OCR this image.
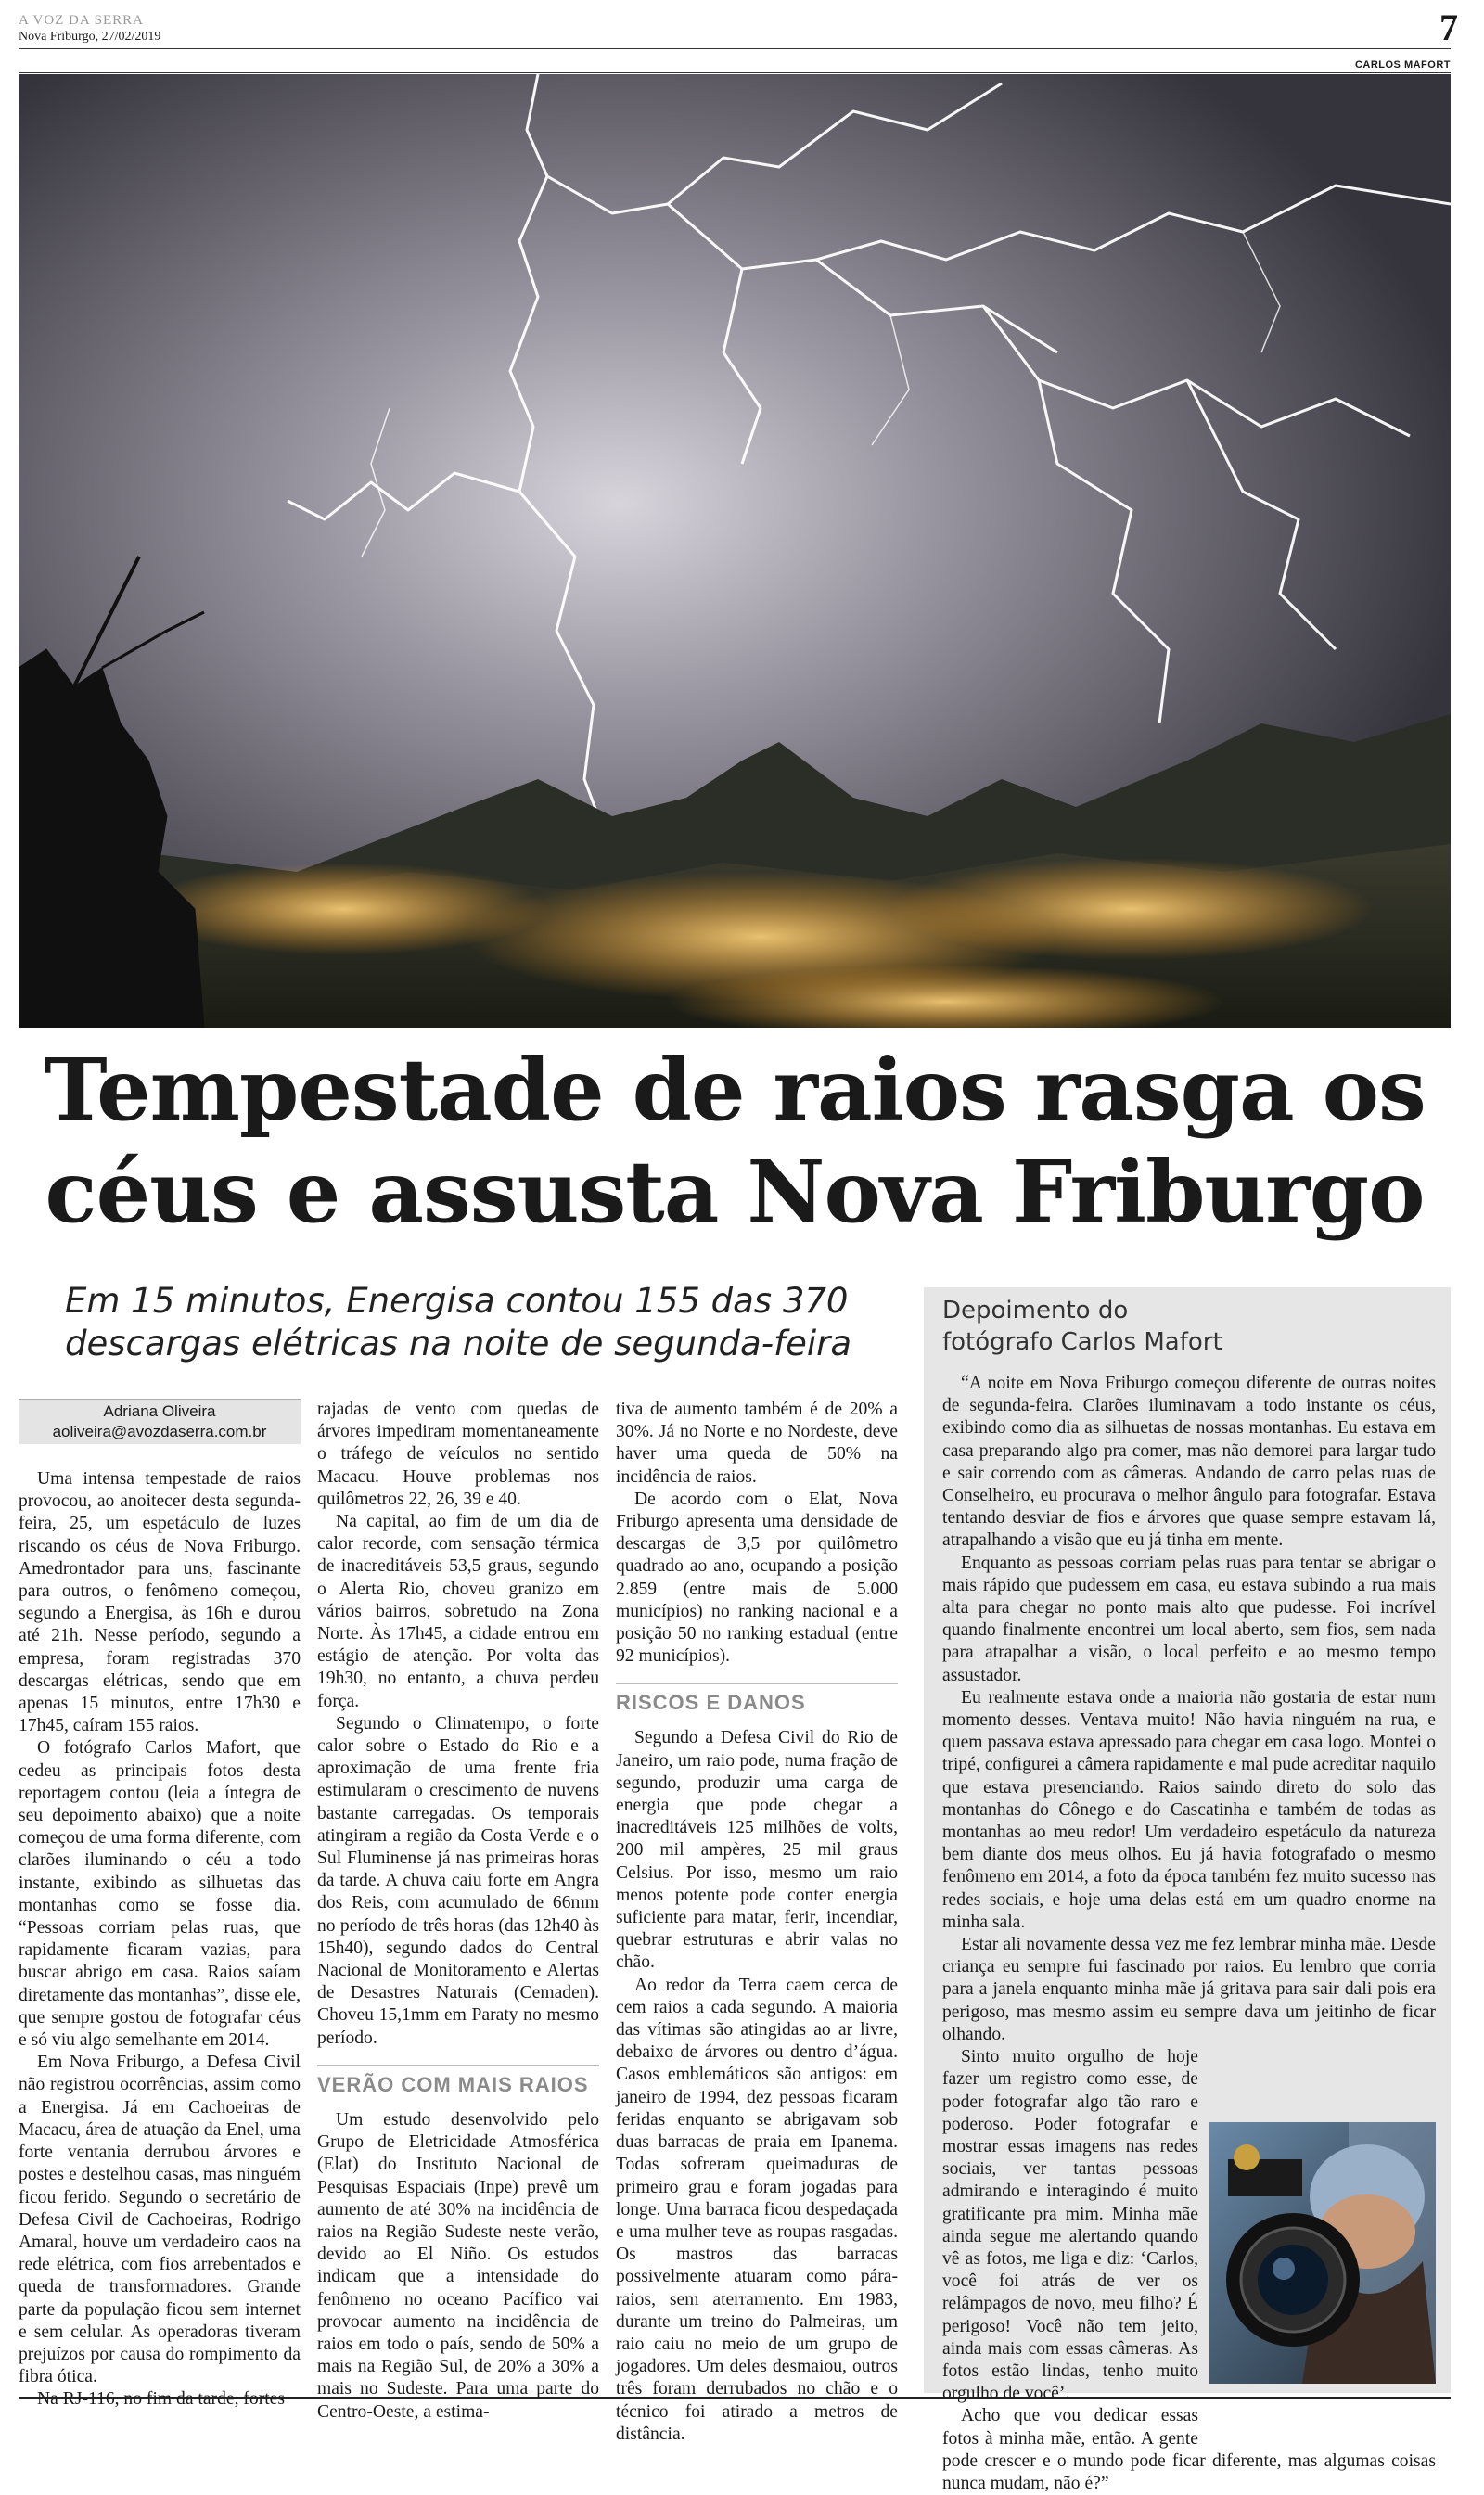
A VOZ DA SERRA
Nova Friburgo, 27/02/2019	7
CARLOS MAFORT
Tempestade de raios rasga os
céus e assusta Nova Friburgo
Em 15 minutos, Energisa contou 155 das 370
descargas elétricas na noite de segunda-feira
Adriana Oliveira
aoliveira@avozdaserra.com.br

Uma intensa tempestade de raios provocou, ao anoitecer desta segunda-feira, 25, um espetáculo de luzes riscando os céus de Nova Friburgo. Amedrontador para uns, fascinante para outros, o fenômeno começou, segundo a Energisa, às 16h e durou até 21h. Nesse período, segundo a empresa, foram registradas 370 descargas elétricas, sendo que em apenas 15 minutos, entre 17h30 e 17h45, caíram 155 raios.

O fotógrafo Carlos Mafort, que cedeu as principais fotos desta reportagem contou (leia a íntegra de seu depoimento abaixo) que a noite começou de uma forma diferente, com clarões iluminando o céu a todo instante, exibindo as silhuetas das montanhas como se fosse dia. “Pessoas corriam pelas ruas, que rapidamente ficaram vazias, para buscar abrigo em casa. Raios saíam diretamente das montanhas”, disse ele, que sempre gostou de fotografar céus e só viu algo semelhante em 2014.

Em Nova Friburgo, a Defesa Civil não registrou ocorrências, assim como a Energisa. Já em Cachoeiras de Macacu, área de atuação da Enel, uma forte ventania derrubou árvores e postes e destelhou casas, mas ninguém ficou ferido. Segundo o secretário de Defesa Civil de Cachoeiras, Rodrigo Amaral, houve um verdadeiro caos na rede elétrica, com fios arrebentados e queda de transformadores. Grande parte da população ficou sem internet e sem celular. As operadoras tiveram prejuízos por causa do rompimento da fibra ótica.

Na RJ-116, no fim da tarde, fortes

rajadas de vento com quedas de árvores impediram momentaneamente o tráfego de veículos no sentido Macacu. Houve problemas nos quilômetros 22, 26, 39 e 40.

Na capital, ao fim de um dia de calor recorde, com sensação térmica de inacreditáveis 53,5 graus, segundo o Alerta Rio, choveu granizo em vários bairros, sobretudo na Zona Norte. Às 17h45, a cidade entrou em estágio de atenção. Por volta das 19h30, no entanto, a chuva perdeu força.

Segundo o Climatempo, o forte calor sobre o Estado do Rio e a aproximação de uma frente fria estimularam o crescimento de nuvens bastante carregadas. Os temporais atingiram a região da Costa Verde e o Sul Fluminense já nas primeiras horas da tarde. A chuva caiu forte em Angra dos Reis, com acumulado de 66mm no período de três horas (das 12h40 às 15h40), segundo dados do Central Nacional de Monitoramento e Alertas de Desastres Naturais (Cemaden). Choveu 15,1mm em Paraty no mesmo período.

VERÃO COM MAIS RAIOS

Um estudo desenvolvido pelo Grupo de Eletricidade Atmosférica (Elat) do Instituto Nacional de Pesquisas Espaciais (Inpe) prevê um aumento de até 30% na incidência de raios na Região Sudeste neste verão, devido ao El Niño. Os estudos indicam que a intensidade do fenômeno no oceano Pacífico vai provocar aumento na incidência de raios em todo o país, sendo de 50% a mais na Região Sul, de 20% a 30% a mais no Sudeste. Para uma parte do Centro-Oeste, a estima-

tiva de aumento também é de 20% a 30%. Já no Norte e no Nordeste, deve haver uma queda de 50% na incidência de raios.

De acordo com o Elat, Nova Friburgo apresenta uma densidade de descargas de 3,5 por quilômetro quadrado ao ano, ocupando a posição 2.859 (entre mais de 5.000 municípios) no ranking nacional e a posição 50 no ranking estadual (entre 92 municípios).

RISCOS E DANOS

Segundo a Defesa Civil do Rio de Janeiro, um raio pode, numa fração de segundo, produzir uma carga de energia que pode chegar a inacreditáveis 125 milhões de volts, 200 mil ampères, 25 mil graus Celsius. Por isso, mesmo um raio menos potente pode conter energia suficiente para matar, ferir, incendiar, quebrar estruturas e abrir valas no chão.

Ao redor da Terra caem cerca de cem raios a cada segundo. A maioria das vítimas são atingidas ao ar livre, debaixo de árvores ou dentro d’água. Casos emblemáticos são antigos: em janeiro de 1994, dez pessoas ficaram feridas enquanto se abrigavam sob duas barracas de praia em Ipanema. Todas sofreram queimaduras de primeiro grau e foram jogadas para longe. Uma barraca ficou despedaçada e uma mulher teve as roupas rasgadas. Os mastros das barracas possivelmente atuaram como pára-raios, sem aterramento. Em 1983, durante um treino do Palmeiras, um raio caiu no meio de um grupo de jogadores. Um deles desmaiou, outros três foram derrubados no chão e o técnico foi atirado a metros de distância.

Depoimento do
fotógrafo Carlos Mafort

“A noite em Nova Friburgo começou diferente de outras noites de segunda-feira. Clarões iluminavam a todo instante os céus, exibindo como dia as silhuetas de nossas montanhas. Eu estava em casa preparando algo pra comer, mas não demorei para largar tudo e sair correndo com as câmeras. Andando de carro pelas ruas de Conselheiro, eu procurava o melhor ângulo para fotografar. Estava tentando desviar de fios e árvores que quase sempre estavam lá, atrapalhando a visão que eu já tinha em mente.

Enquanto as pessoas corriam pelas ruas para tentar se abrigar o mais rápido que pudessem em casa, eu estava subindo a rua mais alta para chegar no ponto mais alto que pudesse. Foi incrível quando finalmente encontrei um local aberto, sem fios, sem nada para atrapalhar a visão, o local perfeito e ao mesmo tempo assustador.

Eu realmente estava onde a maioria não gostaria de estar num momento desses. Ventava muito! Não havia ninguém na rua, e quem passava estava apressado para chegar em casa logo. Montei o tripé, configurei a câmera rapidamente e mal pude acreditar naquilo que estava presenciando. Raios saindo direto do solo das montanhas do Cônego e do Cascatinha e também de todas as montanhas ao meu redor! Um verdadeiro espetáculo da natureza bem diante dos meus olhos. Eu já havia fotografado o mesmo fenômeno em 2014, a foto da época também fez muito sucesso nas redes sociais, e hoje uma delas está em um quadro enorme na minha sala.

Estar ali novamente dessa vez me fez lembrar minha mãe. Desde criança eu sempre fui fascinado por raios. Eu lembro que corria para a janela enquanto minha mãe já gritava para sair dali pois era perigoso, mas mesmo assim eu sempre dava um jeitinho de ficar olhando.

Sinto muito orgulho de hoje fazer um registro como esse, de poder fotografar algo tão raro e poderoso. Poder fotografar e mostrar essas imagens nas redes sociais, ver tantas pessoas admirando e interagindo é muito gratificante pra mim. Minha mãe ainda segue me alertando quando vê as fotos, me liga e diz: ‘Carlos, você foi atrás de ver os relâmpagos de novo, meu filho? É perigoso! Você não tem jeito, ainda mais com essas câmeras. As fotos estão lindas, tenho muito orgulho de você’.

Acho que vou dedicar essas fotos à minha mãe, então. A gente pode crescer e o mundo pode ficar diferente, mas algumas coisas nunca mudam, não é?”
